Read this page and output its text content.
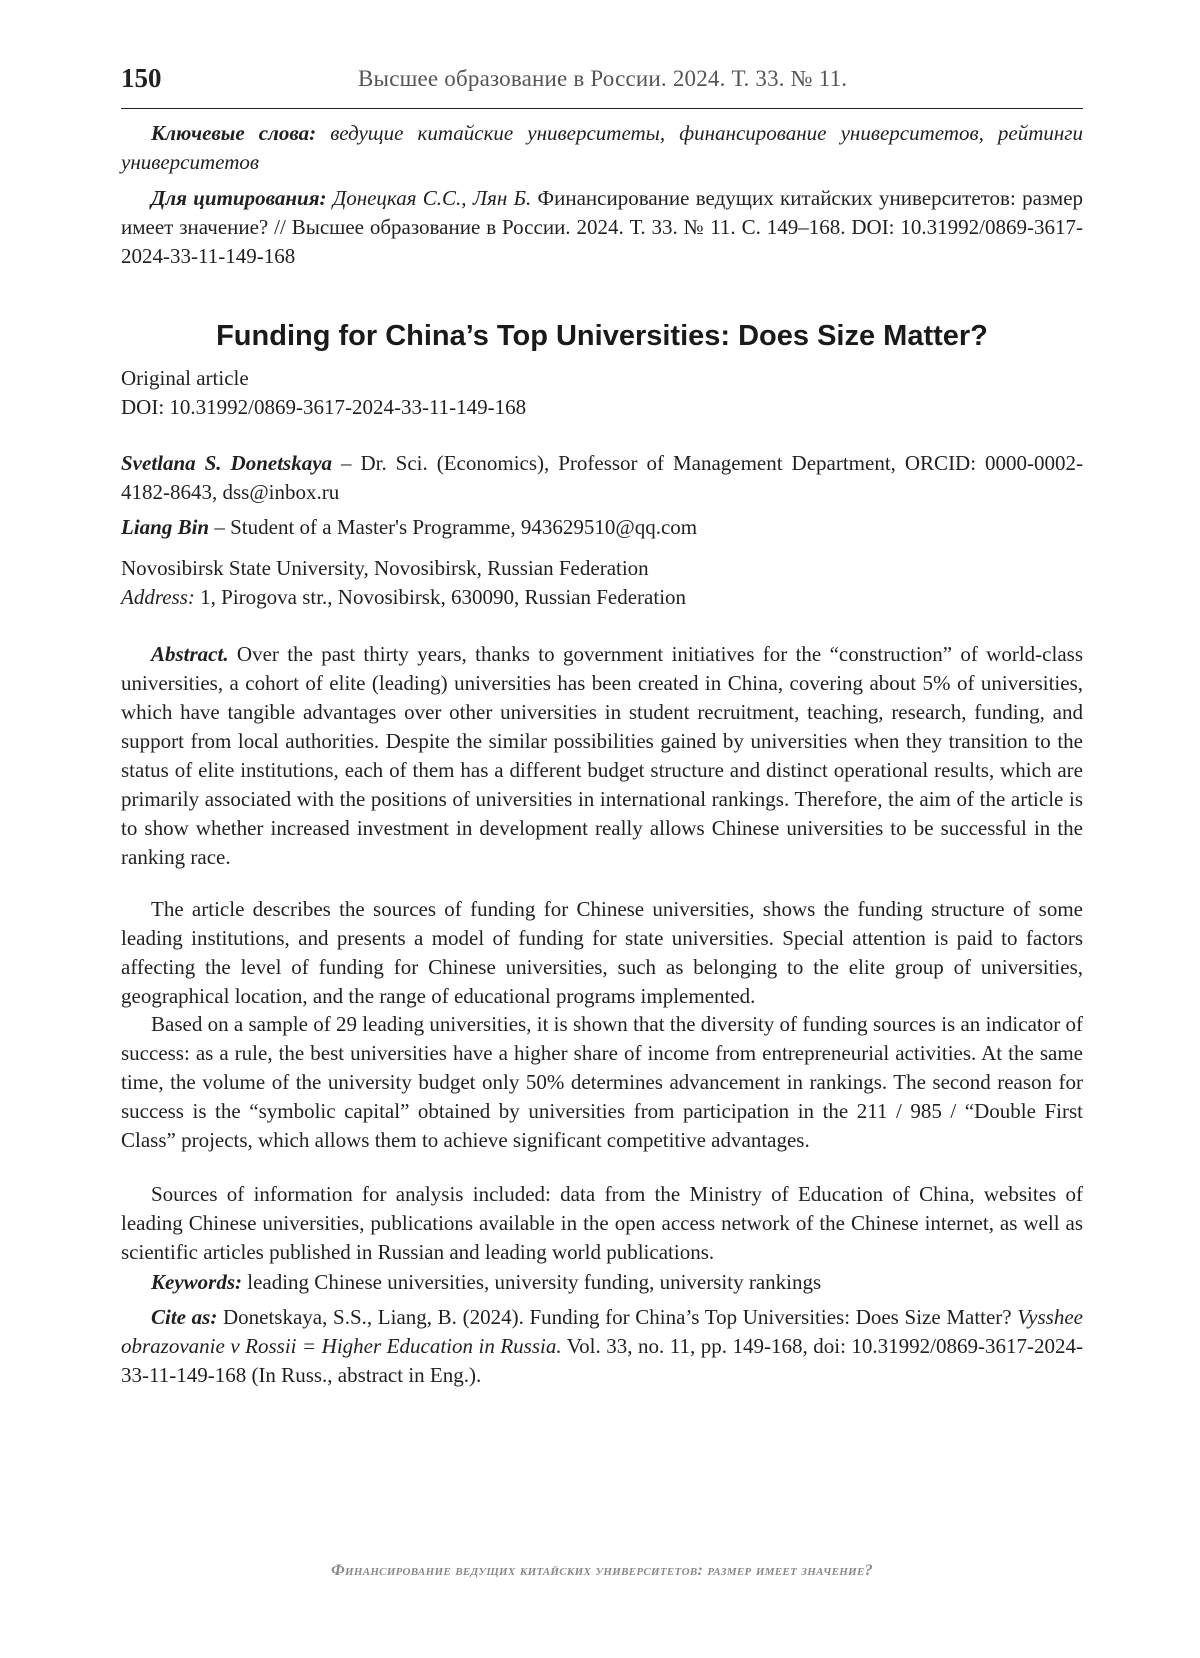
150	Высшее образование в России. 2024. Т. 33. № 11.

Ключевые слова: ведущие китайские университеты, финансирование университетов, рейтинги университетов

Для цитирования: Донецкая С.С., Лян Б. Финансирование ведущих китайских университетов: размер имеет значение? // Высшее образование в России. 2024. Т. 33. № 11. С. 149–168. DOI: 10.31992/0869-3617-2024-33-11-149-168

Funding for China’s Top Universities: Does Size Matter?
Original article
DOI: 10.31992/0869-3617-2024-33-11-149-168

Svetlana S. Donetskaya – Dr. Sci. (Economics), Professor of Management Department, ORCID: 0000-0002-4182-8643, dss@inbox.ru

Liang Bin – Student of a Master's Programme, 943629510@qq.com

Novosibirsk State University, Novosibirsk, Russian Federation
Address: 1, Pirogova str., Novosibirsk, 630090, Russian Federation

Abstract. Over the past thirty years, thanks to government initiatives for the “construction” of world-class universities, a cohort of elite (leading) universities has been created in China, covering about 5% of universities, which have tangible advantages over other universities in student recruitment, teaching, research, funding, and support from local authorities. Despite the similar possibilities gained by universities when they transition to the status of elite institutions, each of them has a different budget structure and distinct operational results, which are primarily associated with the positions of universities in international rankings. Therefore, the aim of the article is to show whether increased investment in development really allows Chinese universities to be successful in the ranking race.

The article describes the sources of funding for Chinese universities, shows the funding structure of some leading institutions, and presents a model of funding for state universities. Special attention is paid to factors affecting the level of funding for Chinese universities, such as belonging to the elite group of universities, geographical location, and the range of educational programs implemented.

Based on a sample of 29 leading universities, it is shown that the diversity of funding sources is an indicator of success: as a rule, the best universities have a higher share of income from entrepreneurial activities. At the same time, the volume of the university budget only 50% determines advancement in rankings. The second reason for success is the “symbolic capital” obtained by universities from participation in the 211 / 985 / “Double First Class” projects, which allows them to achieve significant competitive advantages.

Sources of information for analysis included: data from the Ministry of Education of China, websites of leading Chinese universities, publications available in the open access network of the Chinese internet, as well as scientific articles published in Russian and leading world publications.

Keywords: leading Chinese universities, university funding, university rankings

Cite as: Donetskaya, S.S., Liang, B. (2024). Funding for China’s Top Universities: Does Size Matter? Vysshee obrazovanie v Rossii = Higher Education in Russia. Vol. 33, no. 11, pp. 149-168, doi: 10.31992/0869-3617-2024-33-11-149-168 (In Russ., abstract in Eng.).

Финансирование ведущих китайских университетов: размер имеет значение?
